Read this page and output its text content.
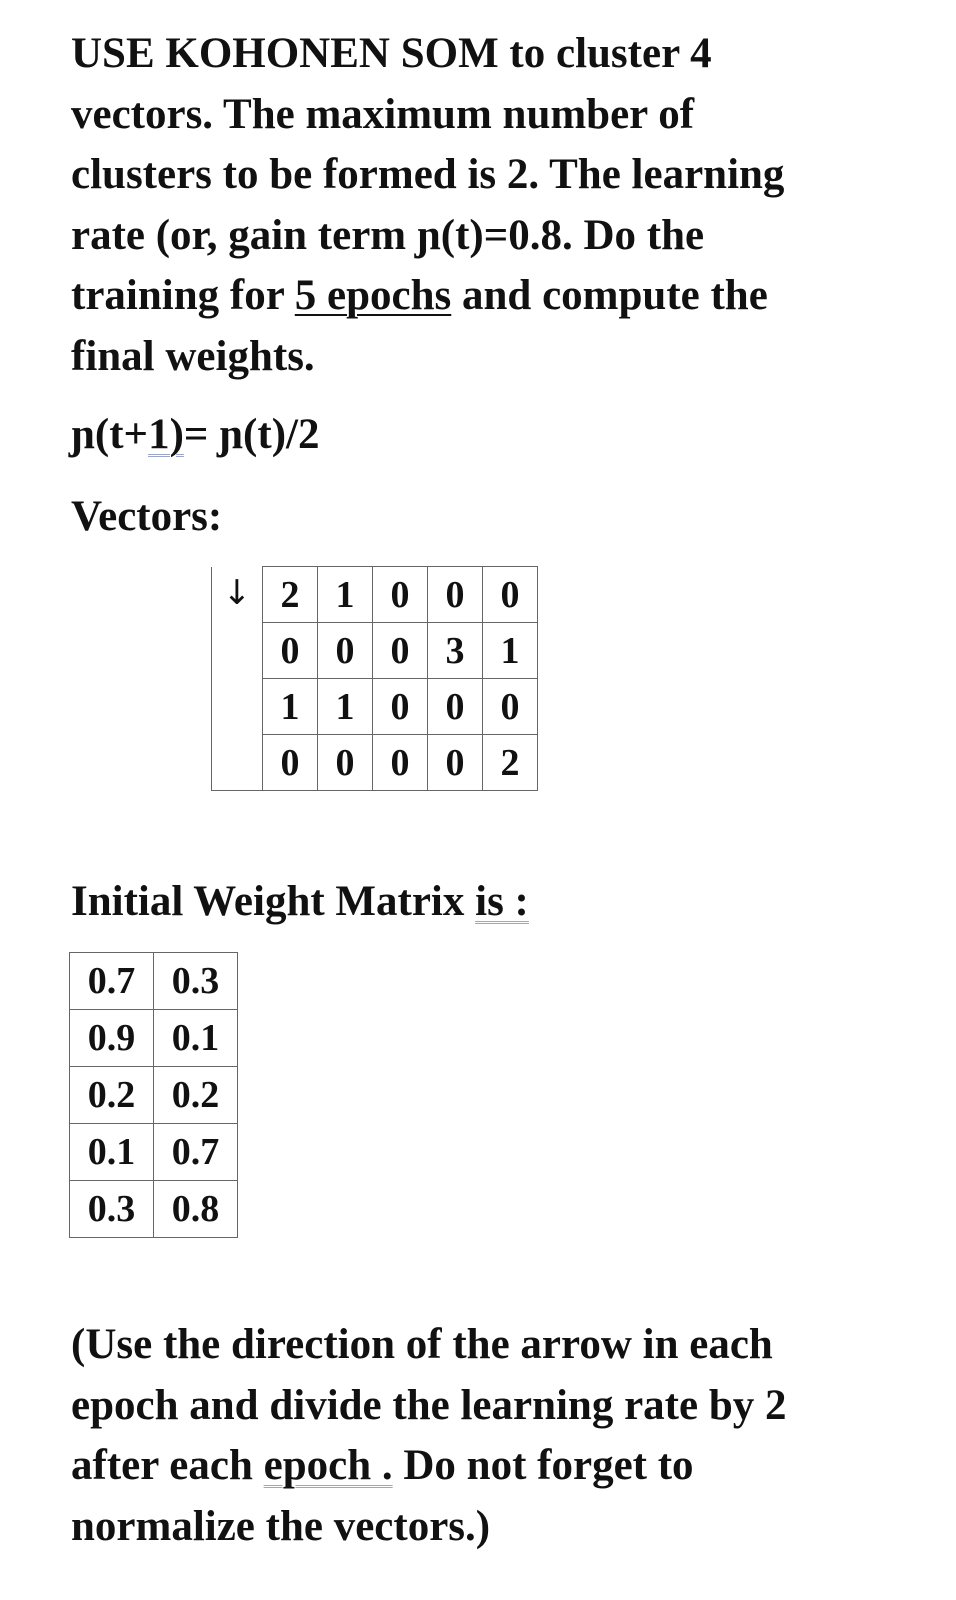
USE KOHONEN SOM to cluster 4
vectors. The maximum number of
clusters to be formed is 2. The learning
rate (or, gain term ɲ(t)=0.8. Do the
training for 5 epochs and compute the
final weights.
ɲ(t+1)= ɲ(t)/2
Vectors:
↓	2	1	0	0	0
	0	0	0	3	1
	1	1	0	0	0
	0	0	0	0	2
Initial Weight Matrix is :
0.7	0.3
0.9	0.1
0.2	0.2
0.1	0.7
0.3	0.8
(Use the direction of the arrow in each
epoch and divide the learning rate by 2
after each epoch . Do not forget to
normalize the vectors.)
